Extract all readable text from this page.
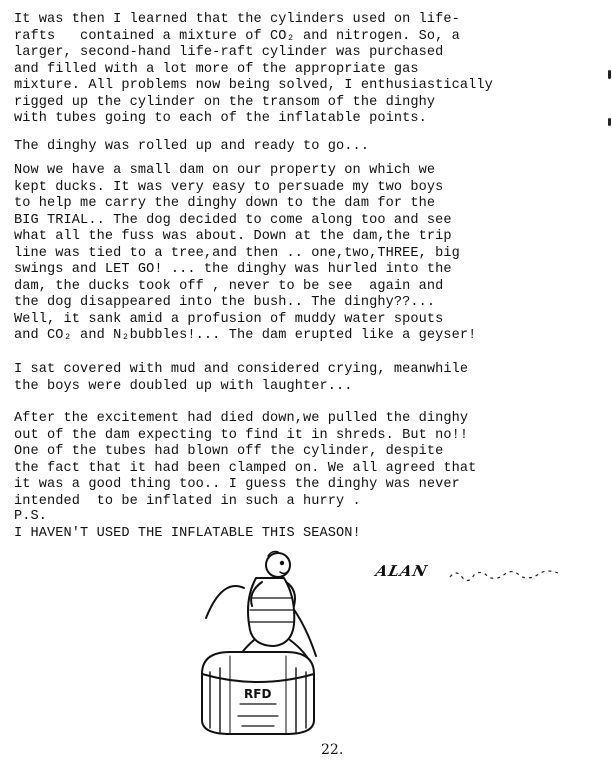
It was then I learned that the cylinders used on life-
rafts   contained a mixture of CO₂ and nitrogen. So, a
larger, second-hand life-raft cylinder was purchased
and filled with a lot more of the appropriate gas
mixture. All problems now being solved, I enthusiastically
rigged up the cylinder on the transom of the dinghy
with tubes going to each of the inflatable points.

The dinghy was rolled up and ready to go...

Now we have a small dam on our property on which we
kept ducks. It was very easy to persuade my two boys
to help me carry the dinghy down to the dam for the
BIG TRIAL.. The dog decided to come along too and see
what all the fuss was about. Down at the dam,the trip
line was tied to a tree,and then .. one,two,THREE, big
swings and LET GO! ... the dinghy was hurled into the
dam, the ducks took off , never to be see  again and
the dog disappeared into the bush.. The dinghy??...
Well, it sank amid a profusion of muddy water spouts
and CO₂ and N₂bubbles!... The dam erupted like a geyser!

I sat covered with mud and considered crying, meanwhile
the boys were doubled up with laughter...

After the excitement had died down,we pulled the dinghy
out of the dam expecting to find it in shreds. But no!!
One of the tubes had blown off the cylinder, despite
the fact that it had been clamped on. We all agreed that
it was a good thing too.. I guess the dinghy was never
intended  to be inflated in such a hurry .

P.S.

I HAVEN'T USED THE INFLATABLE THIS SEASON!

ALAN
RFD
22.
